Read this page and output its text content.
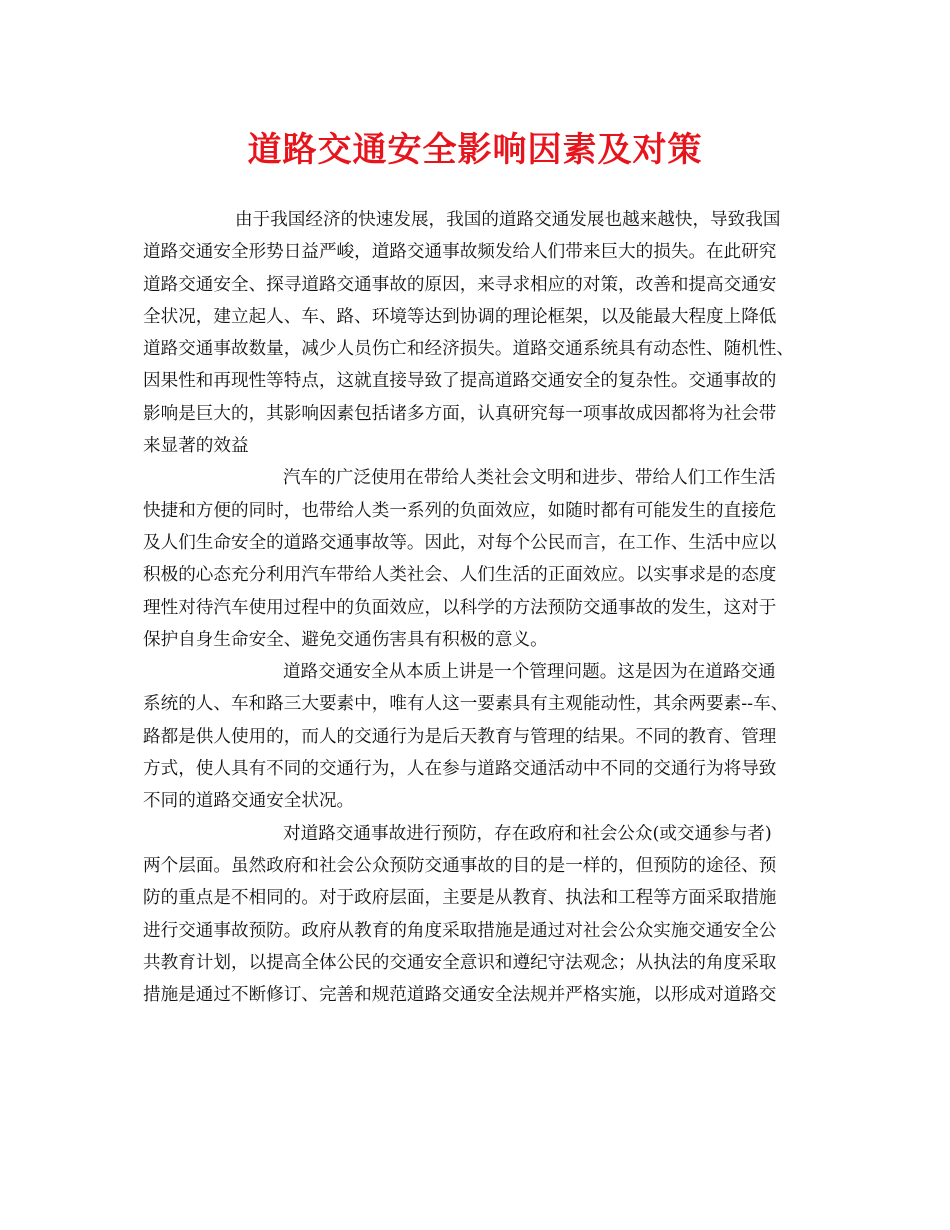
道路交通安全影响因素及对策
由于我国经济的快速发展，我国的道路交通发展也越来越快，导致我国
道路交通安全形势日益严峻，道路交通事故频发给人们带来巨大的损失。在此研究
道路交通安全、探寻道路交通事故的原因，来寻求相应的对策，改善和提高交通安
全状况，建立起人、车、路、环境等达到协调的理论框架，以及能最大程度上降低
道路交通事故数量，减少人员伤亡和经济损失。道路交通系统具有动态性、随机性、
因果性和再现性等特点，这就直接导致了提高道路交通安全的复杂性。交通事故的
影响是巨大的，其影响因素包括诸多方面，认真研究每一项事故成因都将为社会带
来显著的效益
汽车的广泛使用在带给人类社会文明和进步、带给人们工作生活
快捷和方便的同时，也带给人类一系列的负面效应，如随时都有可能发生的直接危
及人们生命安全的道路交通事故等。因此，对每个公民而言，在工作、生活中应以
积极的心态充分利用汽车带给人类社会、人们生活的正面效应。以实事求是的态度
理性对待汽车使用过程中的负面效应，以科学的方法预防交通事故的发生，这对于
保护自身生命安全、避免交通伤害具有积极的意义。
道路交通安全从本质上讲是一个管理问题。这是因为在道路交通
系统的人、车和路三大要素中，唯有人这一要素具有主观能动性，其余两要素--车、
路都是供人使用的，而人的交通行为是后天教育与管理的结果。不同的教育、管理
方式，使人具有不同的交通行为，人在参与道路交通活动中不同的交通行为将导致
不同的道路交通安全状况。
对道路交通事故进行预防，存在政府和社会公众(或交通参与者)
两个层面。虽然政府和社会公众预防交通事故的目的是一样的，但预防的途径、预
防的重点是不相同的。对于政府层面，主要是从教育、执法和工程等方面采取措施
进行交通事故预防。政府从教育的角度采取措施是通过对社会公众实施交通安全公
共教育计划，以提高全体公民的交通安全意识和遵纪守法观念；从执法的角度采取
措施是通过不断修订、完善和规范道路交通安全法规并严格实施，以形成对道路交
